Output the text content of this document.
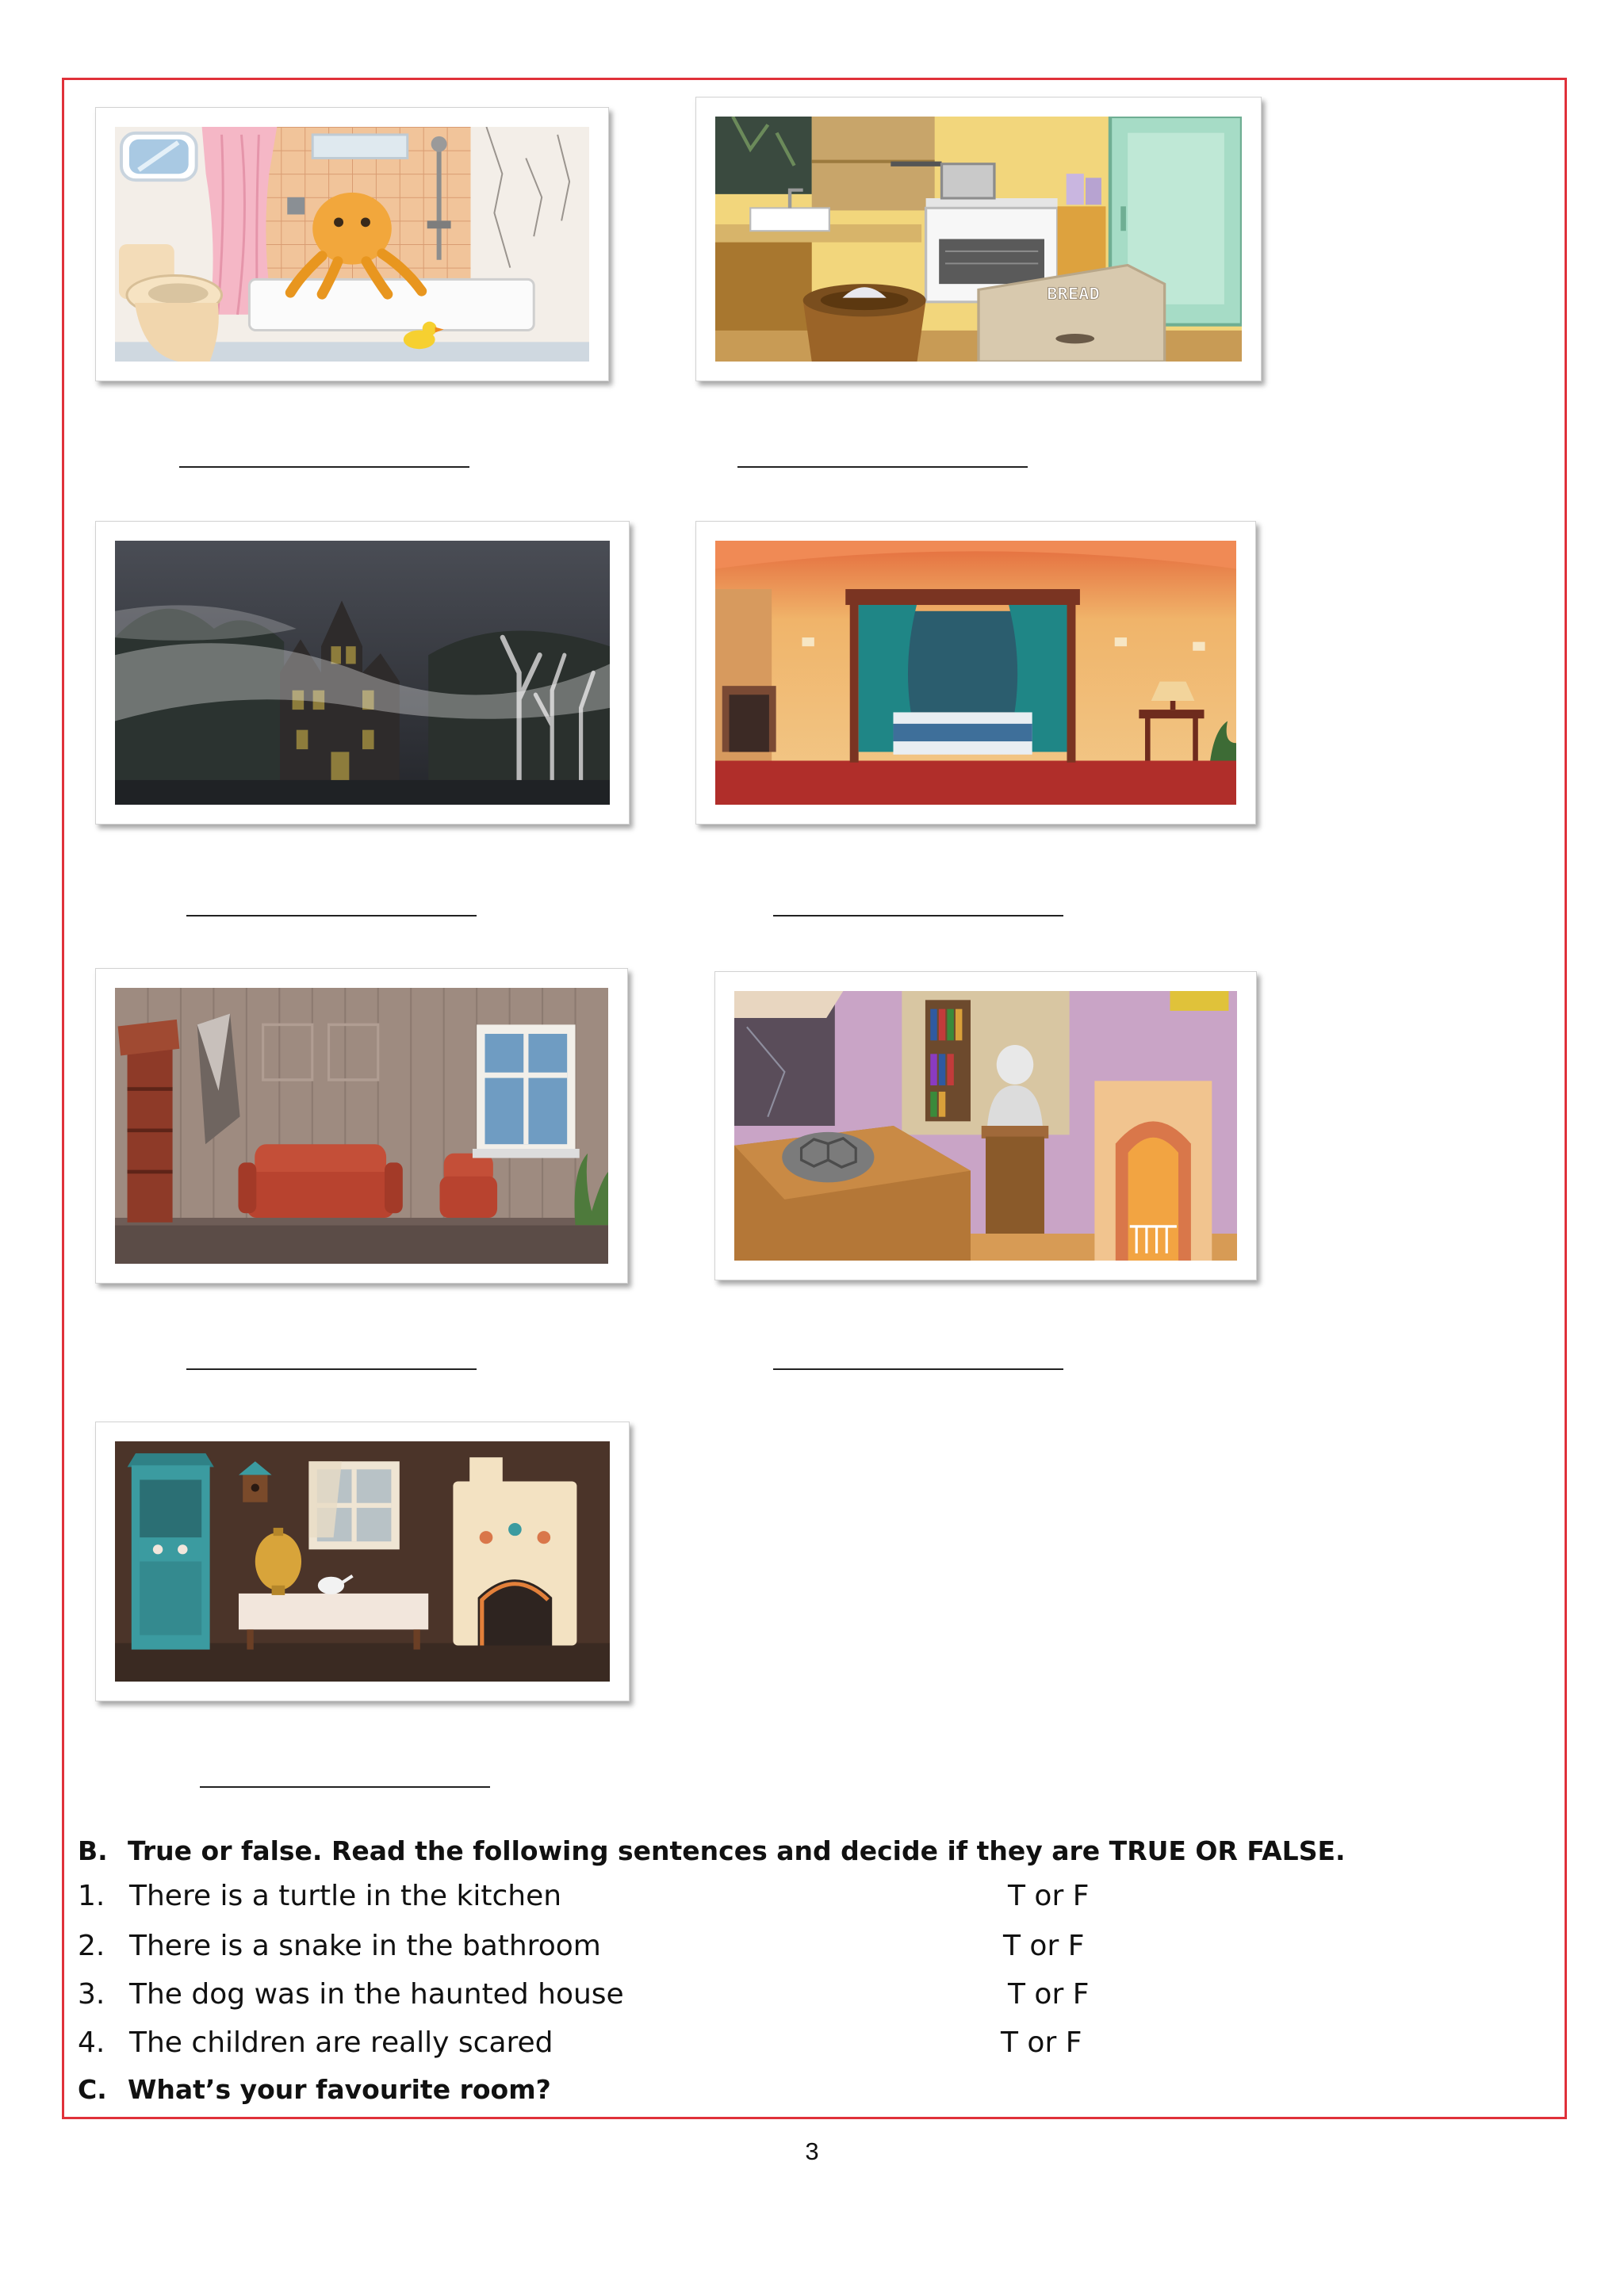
BREAD
B. True or false. Read the following sentences and decide if they are TRUE OR FALSE.
1. There is a turtle in the kitchen	T or F
2. There is a snake in the bathroom	T or F
3. The dog was in the haunted house	T or F
4. The children are really scared	T or F
C. What’s your favourite room?
3
